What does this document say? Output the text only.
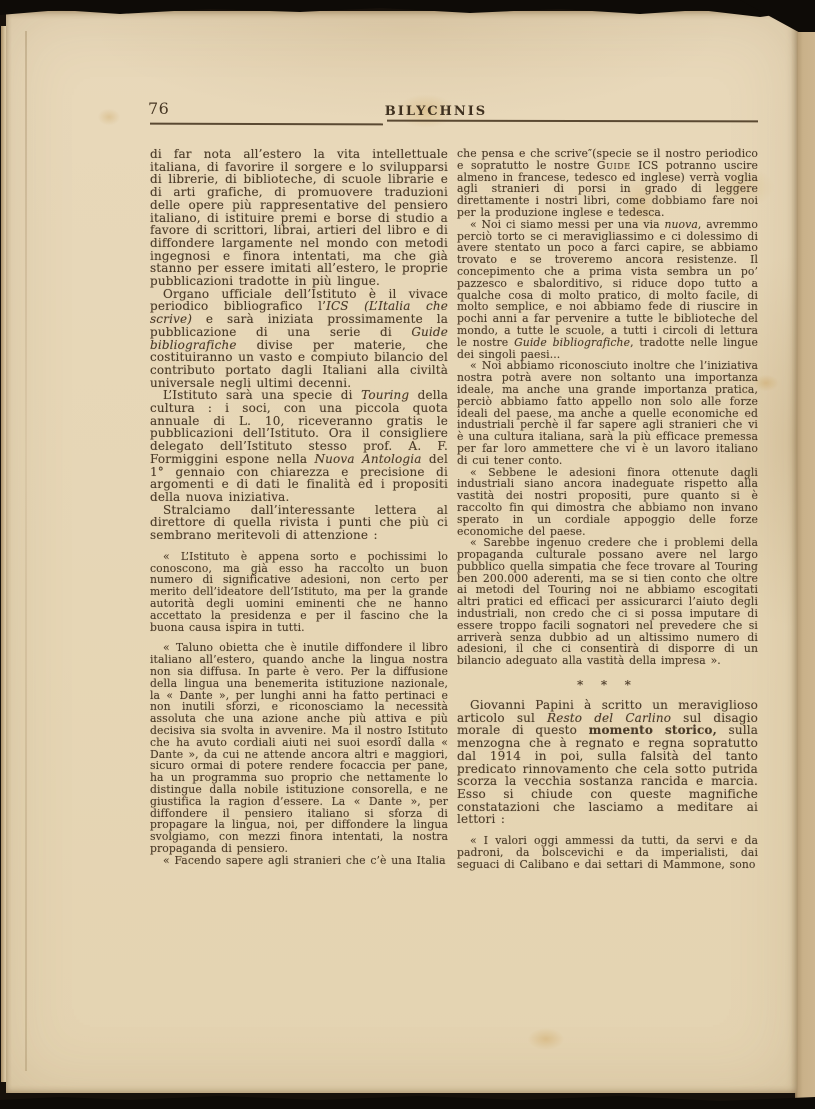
76	BILYCHNIS

di far nota all’estero la vita intellettuale italiana, di favorire il sorgere e lo svilupparsi di librerie, di biblioteche, di scuole librarie e di arti grafiche, di promuovere traduzioni delle opere più rappresentative del pensiero italiano, di istituire premi e borse di studio a favore di scrittori, librai, artieri del libro e di diffondere largamente nel mondo con metodi ingegnosi e finora intentati, ma che già stanno per essere imitati all’estero, le proprie pubblicazioni tradotte in più lingue.

Organo ufficiale dell’Istituto è il vivace periodico bibliografico l’ICS (L’Italia che scrive) e sarà iniziata prossimamente la pubblicazione di una serie di Guide bibliografiche divise per materie, che costituiranno un vasto e compiuto bilancio del contributo portato dagli Italiani alla civiltà universale negli ultimi decenni.

L’Istituto sarà una specie di Touring della cultura : i soci, con una piccola quota annuale di L. 10, riceveranno gratis le pubblicazioni dell’Istituto. Ora il consigliere delegato dell’Istituto stesso prof. A. F. Formiggini espone nella Nuova Antologia del 1° gennaio con chiarezza e precisione di argomenti e di dati le finalità ed i propositi della nuova iniziativa.

Stralciamo dall’interessante lettera al direttore di quella rivista i punti che più ci sembrano meritevoli di attenzione :

« L’Istituto è appena sorto e pochissimi lo conoscono, ma già esso ha raccolto un buon numero di significative adesioni, non certo per merito dell’ideatore dell’Istituto, ma per la grande autorità degli uomini eminenti che ne hanno accettato la presidenza e per il fascino che la buona causa ispira in tutti.

« Taluno obietta che è inutile diffondere il libro italiano all’estero, quando anche la lingua nostra non sia diffusa. In parte è vero. Per la diffusione della lingua una benemerita istituzione nazionale, la « Dante », per lunghi anni ha fatto pertinaci e non inutili sforzi, e riconosciamo la necessità assoluta che una azione anche più attiva e più decisiva sia svolta in avvenire. Ma il nostro Istituto che ha avuto cordiali aiuti nei suoi esordî dalla « Dante », da cui ne attende ancora altri e maggiori, sicuro ormai di potere rendere focaccia per pane, ha un programma suo proprio che nettamente lo distingue dalla nobile istituzione consorella, e ne giustifica la ragion d’essere. La « Dante », per diffondere il pensiero italiano si sforza di propagare la lingua, noi, per diffondere la lingua svolgiamo, con mezzi finora intentati, la nostra propaganda di pensiero.

« Facendo sapere agli stranieri che c’è una Italia

che pensa e che scrive″(specie se il nostro periodico e sopratutto le nostre Guide ICS potranno uscire almeno in francese, tedesco ed inglese) verrà voglia agli stranieri di porsi in grado di leggere direttamente i nostri libri, come dobbiamo fare noi per la produzione inglese e tedesca.

« Noi ci siamo messi per una via nuova, avremmo perciò torto se ci meravigliassimo e ci dolessimo di avere stentato un poco a farci capire, se abbiamo trovato e se troveremo ancora resistenze. Il concepimento che a prima vista sembra un po’ pazzesco e sbalorditivo, si riduce dopo tutto a qualche cosa di molto pratico, di molto facile, di molto semplice, e noi abbiamo fede di riuscire in pochi anni a far pervenire a tutte le biblioteche del mondo, a tutte le scuole, a tutti i circoli di lettura le nostre Guide bibliografiche, tradotte nelle lingue dei singoli paesi...

« Noi abbiamo riconosciuto inoltre che l’iniziativa nostra potrà avere non soltanto una importanza ideale, ma anche una grande importanza pratica, perciò abbiamo fatto appello non solo alle forze ideali del paese, ma anche a quelle economiche ed industriali perchè il far sapere agli stranieri che vi è una cultura italiana, sarà la più efficace premessa per far loro ammettere che vi è un lavoro italiano di cui tener conto.

« Sebbene le adesioni finora ottenute dagli industriali siano ancora inadeguate rispetto alla vastità dei nostri propositi, pure quanto si è raccolto fin qui dimostra che abbiamo non invano sperato in un cordiale appoggio delle forze economiche del paese.

« Sarebbe ingenuo credere che i problemi della propaganda culturale possano avere nel largo pubblico quella simpatia che fece trovare al Touring ben 200.000 aderenti, ma se si tien conto che oltre ai metodi del Touring noi ne abbiamo escogitati altri pratici ed efficaci per assicurarci l’aiuto degli industriali, non credo che ci si possa imputare di essere troppo facili sognatori nel prevedere che si arriverà senza dubbio ad un altissimo numero di adesioni, il che ci consentirà di disporre di un bilancio adeguato alla vastità della impresa ».

* * *

Giovanni Papini à scritto un meraviglioso articolo sul Resto del Carlino sul disagio morale di questo momento storico, sulla menzogna che à regnato e regna sopratutto dal 1914 in poi, sulla falsità del tanto predicato rinnovamento che cela sotto putrida scorza la vecchia sostanza rancida e marcia. Esso si chiude con queste magnifiche constatazioni che lasciamo a meditare ai lettori :

« I valori oggi ammessi da tutti, da servi e da padroni, da bolscevichi e da imperialisti, dai seguaci di Calibano e dai settari di Mammone, sono
